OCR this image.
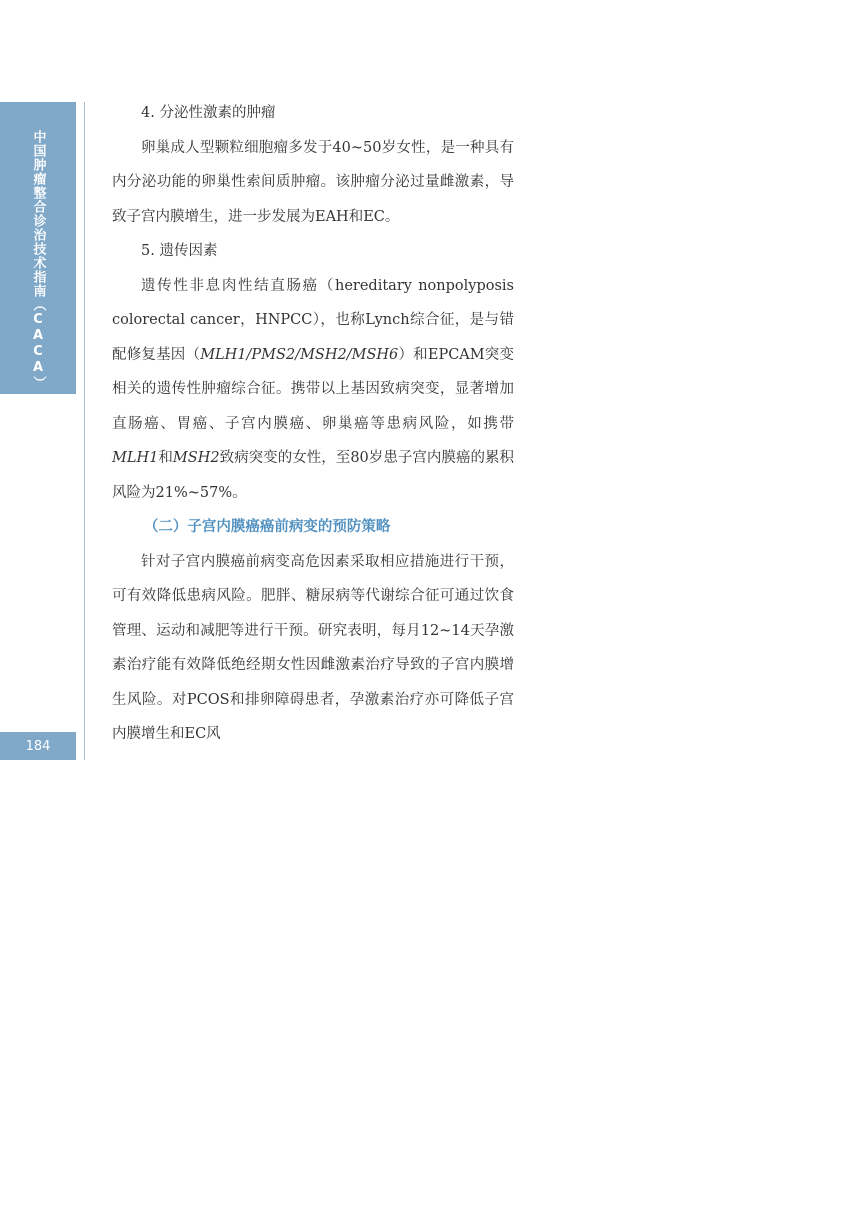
中国肿瘤整合诊治技术指南（CACA）
184

4. 分泌性激素的肿瘤

卵巢成人型颗粒细胞瘤多发于40~50岁女性，是一种具有内分泌功能的卵巢性索间质肿瘤。该肿瘤分泌过量雌激素，导致子宫内膜增生，进一步发展为EAH和EC。

5. 遗传因素

遗传性非息肉性结直肠癌（hereditary nonpolyposis colorectal cancer，HNPCC），也称Lynch综合征，是与错配修复基因（MLH1/PMS2/MSH2/MSH6）和EPCAM突变相关的遗传性肿瘤综合征。携带以上基因致病突变，显著增加直肠癌、胃癌、子宫内膜癌、卵巢癌等患病风险，如携带MLH1和MSH2致病突变的女性，至80岁患子宫内膜癌的累积风险为21%~57%。

（二）子宫内膜癌癌前病变的预防策略

针对子宫内膜癌前病变高危因素采取相应措施进行干预，可有效降低患病风险。肥胖、糖尿病等代谢综合征可通过饮食管理、运动和减肥等进行干预。研究表明，每月12~14天孕激素治疗能有效降低绝经期女性因雌激素治疗导致的子宫内膜增生风险。对PCOS和排卵障碍患者，孕激素治疗亦可降低子宫内膜增生和EC风
